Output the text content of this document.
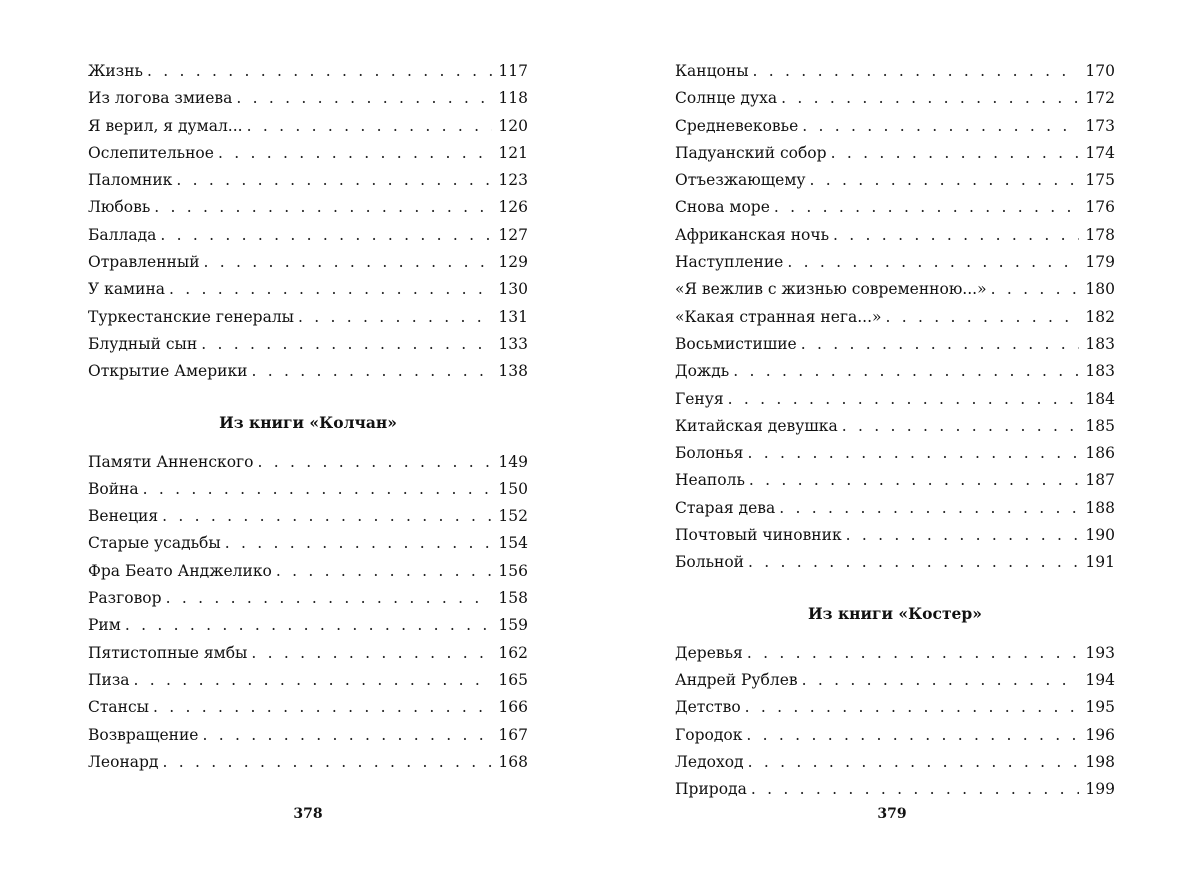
Жизнь . . .	117
Из логова змиева . . .	118
Я верил, я думал... . . .	120
Ослепительное . . .	121
Паломник . . .	123
Любовь . . .	126
Баллада . . .	127
Отравленный . . .	129
У камина . . .	130
Туркестанские генералы . . .	131
Блудный сын . . .	133
Открытие Америки . . .	138
Из книги «Колчан»
Памяти Анненского . . .	149
Война . . .	150
Венеция . . .	152
Старые усадьбы . . .	154
Фра Беато Анджелико . . .	156
Разговор . . .	158
Рим . . .	159
Пятистопные ямбы . . .	162
Пиза . . .	165
Стансы . . .	166
Возвращение . . .	167
Леонард . . .	168
378
Канцоны . . .	170
Солнце духа . . .	172
Средневековье . . .	173
Падуанский собор . . .	174
Отъезжающему . . .	175
Снова море . . .	176
Африканская ночь . . .	178
Наступление . . .	179
«Я вежлив с жизнью современною...» . . .	180
«Какая странная нега...» . . .	182
Восьмистишие . . .	183
Дождь . . .	183
Генуя . . .	184
Китайская девушка . . .	185
Болонья . . .	186
Неаполь . . .	187
Старая дева . . .	188
Почтовый чиновник . . .	190
Больной . . .	191
Из книги «Костер»
Деревья . . .	193
Андрей Рублев . . .	194
Детство . . .	195
Городок . . .	196
Ледоход . . .	198
Природа . . .	199
379
